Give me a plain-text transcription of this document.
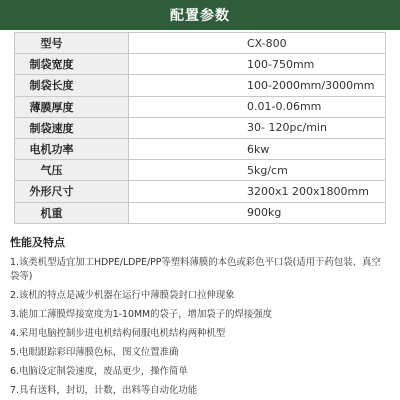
配置参数
型号	CX-800
制袋宽度	100-750mm
制袋长度	100-2000mm/3000mm
薄膜厚度	0.01-0.06mm
制袋速度	30- 120pc/min
电机功率	6kw
气压	5kg/cm
外形尺寸	3200x1 200x1800mm
机重	900kg
性能及特点
1.该类机型适宜加工HDPE/LDPE/PP等塑料薄膜的本色或彩色平口袋(适用于药包装、真空袋等)
2.该机的特点是减少机器在运行中薄膜袋封口拉伸现象
3.能加工薄膜焊接宽度为1-10MM的袋子，增加袋子的焊接强度
4.采用电脑控制步进电机结构伺服电机结构两种机型
5.电眼跟踪彩印薄膜色标，图文位置准确
6.电脑设定制袋速度，废品更少，操作简单
7.具有送料，封切，计数，出料等自动化功能
